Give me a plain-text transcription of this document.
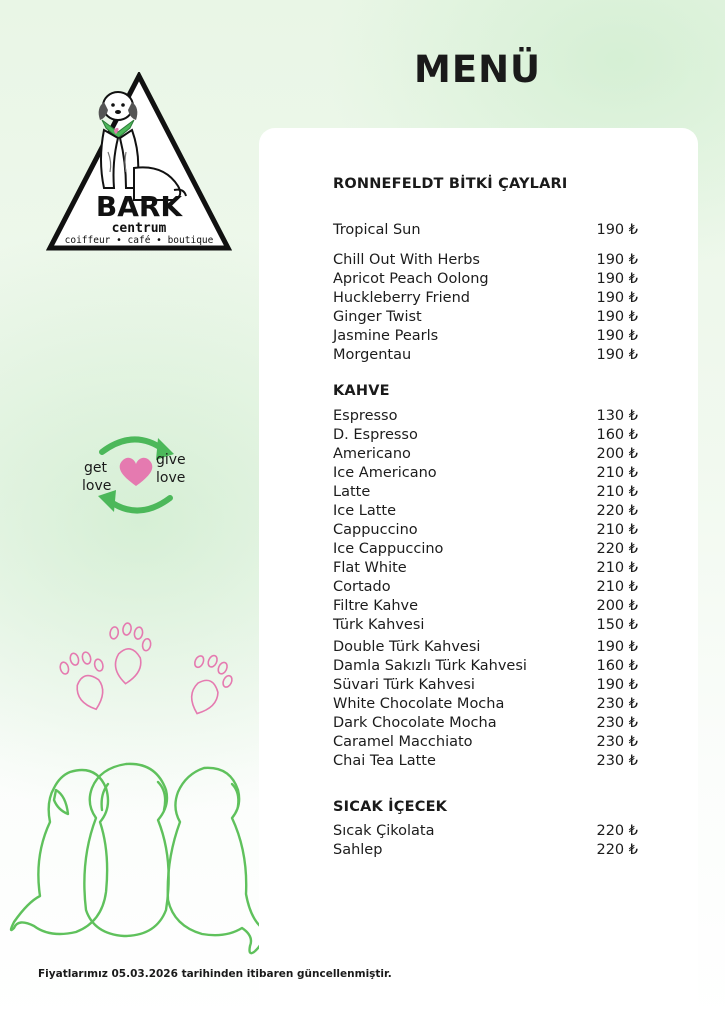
MENÜ
BARK
centrum
coiffeur • café • boutique
get
love
give
love
RONNEFELDT BİTKİ ÇAYLARI
Tropical Sun	190 ₺
Chill Out With Herbs	190 ₺
Apricot Peach Oolong	190 ₺
Huckleberry Friend	190 ₺
Ginger Twist	190 ₺
Jasmine Pearls	190 ₺
Morgentau	190 ₺
KAHVE
Espresso	130 ₺
D. Espresso	160 ₺
Americano	200 ₺
Ice Americano	210 ₺
Latte	210 ₺
Ice Latte	220 ₺
Cappuccino	210 ₺
Ice Cappuccino	220 ₺
Flat White	210 ₺
Cortado	210 ₺
Filtre Kahve	200 ₺
Türk Kahvesi	150 ₺
Double Türk Kahvesi	190 ₺
Damla Sakızlı Türk Kahvesi	160 ₺
Süvari Türk Kahvesi	190 ₺
White Chocolate Mocha	230 ₺
Dark Chocolate Mocha	230 ₺
Caramel Macchiato	230 ₺
Chai Tea Latte	230 ₺
SICAK İÇECEK
Sıcak Çikolata	220 ₺
Sahlep	220 ₺
Fiyatlarımız 05.03.2026 tarihinden itibaren güncellenmiştir.
